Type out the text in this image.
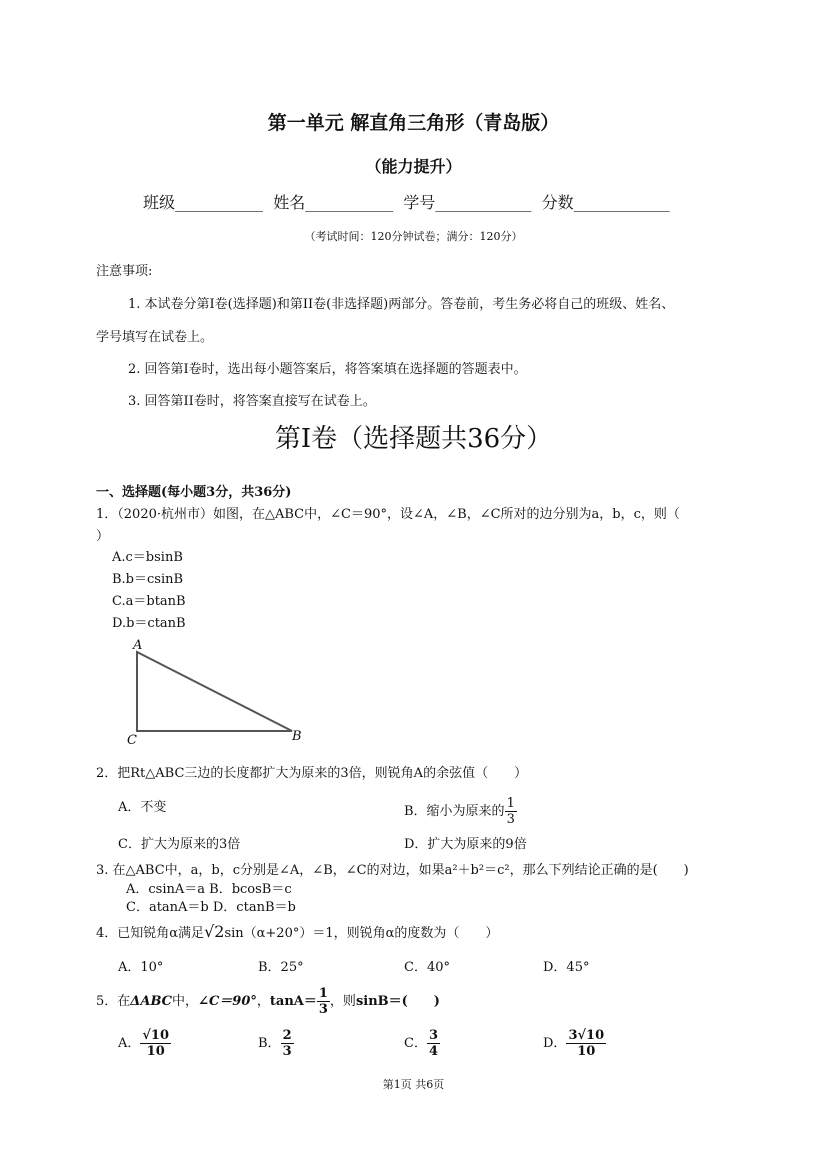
第一单元 解直角三角形（青岛版）
（能力提升）
班级___________ 姓名___________ 学号____________ 分数____________
（考试时间：120分钟试卷；满分：120分）
注意事项:
1. 本试卷分第I卷(选择题)和第II卷(非选择题)两部分。答卷前，考生务必将自己的班级、姓名、
学号填写在试卷上。
2. 回答第I卷时，选出每小题答案后，将答案填在选择题的答题表中。
3. 回答第II卷时，将答案直接写在试卷上。
第I卷（选择题共36分）
一、选择题(每小题3分，共36分)
1．（2020·杭州市）如图，在△ABC中，∠C＝90°，设∠A，∠B，∠C所对的边分别为a，b，c，则（
）
A.c＝bsinB
B.b＝csinB
C.a＝btanB
D.b＝ctanB
A
B
C
2．把Rt△ABC三边的长度都扩大为原来的3倍，则锐角A的余弦值（　　）
A．不变	B．缩小为原来的 $\frac{1}{3}$
C．扩大为原来的3倍	D．扩大为原来的9倍
3. 在△ABC中，a，b，c分别是∠A，∠B，∠C的对边，如果a²＋b²＝c²，那么下列结论正确的是(　　)
A．csinA＝a B．bcosB＝c
C．atanA＝b D．ctanB＝b
4．已知锐角α满足√2sin（α+20°）＝1，则锐角α的度数为（　　）
A．10°	B．25°	C．40°	D．45°
5．在ΔABC中，∠C＝90°，$\tan A= \frac{1}{3}$ ，则sinB＝(　　)
A． $\frac{√10}{10}$	B． $\frac{2}{3}$	C． $\frac{3}{4}$	D． $\frac{3√10}{10}$
第1页 共6页
